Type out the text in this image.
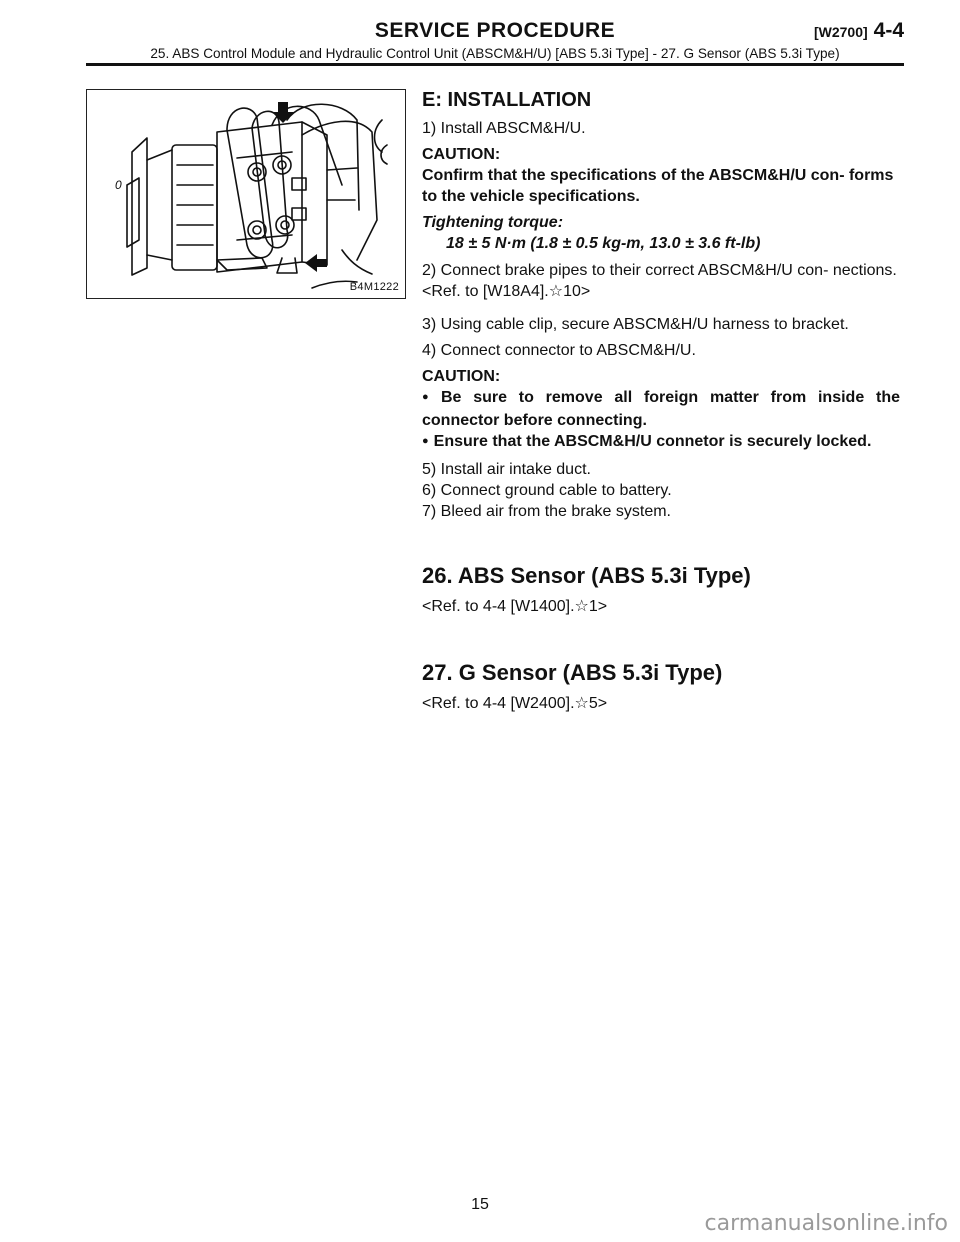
SERVICE PROCEDURE	[W2700] 4-4
25. ABS Control Module and Hydraulic Control Unit (ABSCM&H/U) [ABS 5.3i Type] - 27. G Sensor (ABS 5.3i Type)
0
B4M1222
E: INSTALLATION

1) Install ABSCM&H/U.

CAUTION:

Confirm that the specifications of the ABSCM&H/U con- forms to the vehicle specifications.

Tightening torque:

18 ± 5 N·m (1.8 ± 0.5 kg-m, 13.0 ± 3.6 ft-lb)

2) Connect brake pipes to their correct ABSCM&H/U con- nections. <Ref. to [W18A4].☆10>

3) Using cable clip, secure ABSCM&H/U harness to bracket.

4) Connect connector to ABSCM&H/U.

CAUTION:

● Be sure to remove all foreign matter from inside the connector before connecting.

● Ensure that the ABSCM&H/U connetor is securely locked.

5) Install air intake duct.

6) Connect ground cable to battery.

7) Bleed air from the brake system.

26. ABS Sensor (ABS 5.3i Type)

<Ref. to 4-4 [W1400].☆1>

27. G Sensor (ABS 5.3i Type)

<Ref. to 4-4 [W2400].☆5>

15
carmanualsonline.info
